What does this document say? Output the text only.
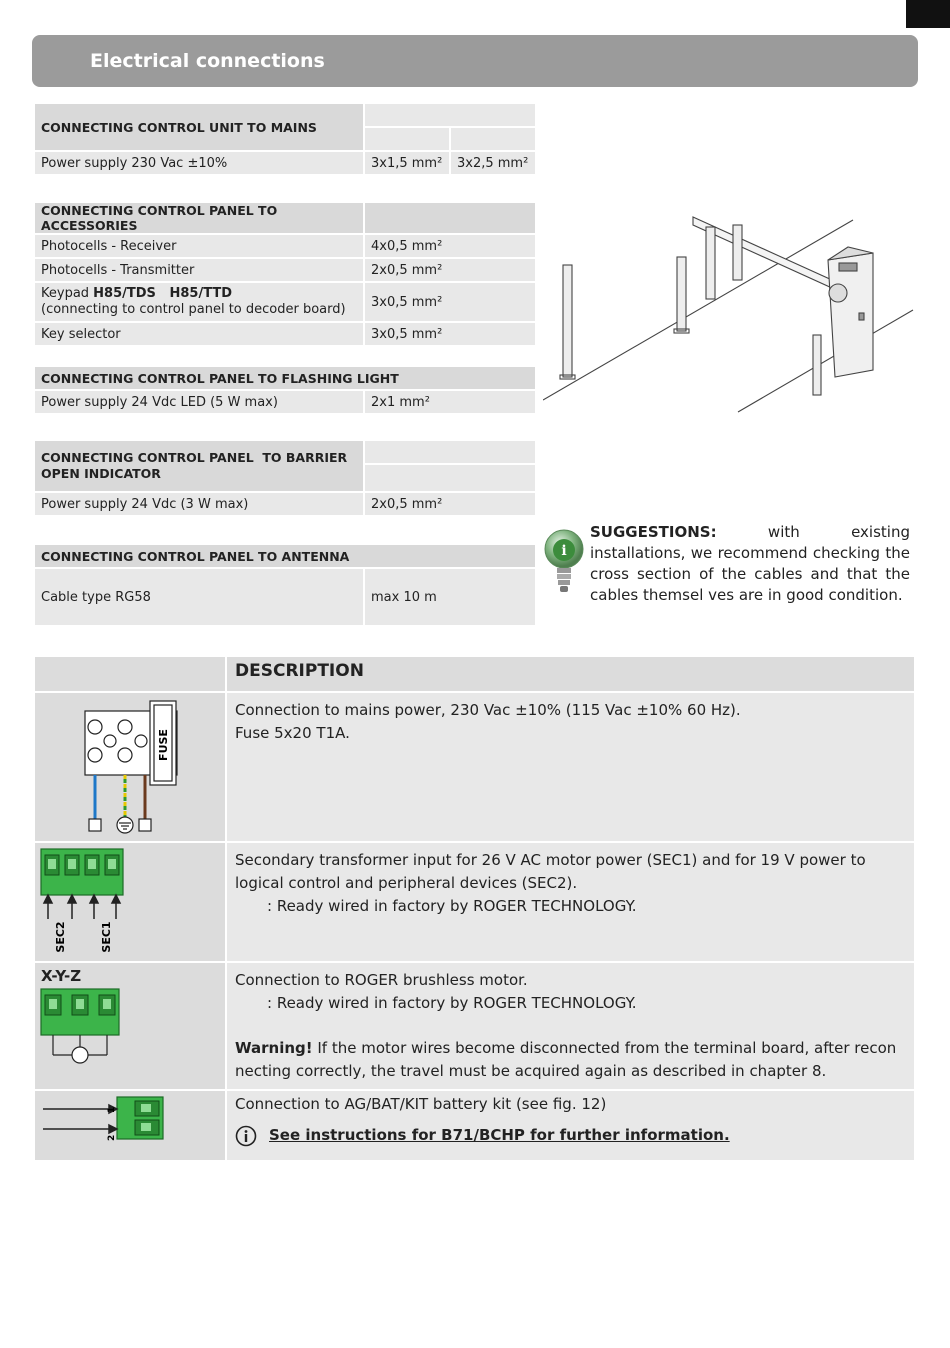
Electrical connections
CONNECTING CONTROL UNIT TO MAINS		

Power supply 230 Vac ±10%	3x1,5 mm²	3x2,5 mm²
CONNECTING CONTROL PANEL TO ACCESSORIES	
Photocells - Receiver	4x0,5 mm²
Photocells - Transmitter	2x0,5 mm²
Keypad H85/TDS   H85/TTD
(connecting to control panel to decoder board)	3x0,5 mm²
Key selector	3x0,5 mm²
CONNECTING CONTROL PANEL TO FLASHING LIGHT
Power supply 24 Vdc LED (5 W max)	2x1 mm²
CONNECTING CONTROL PANEL  TO BARRIER
OPEN INDICATOR	

Power supply 24 Vdc (3 W max)	2x0,5 mm²
CONNECTING CONTROL PANEL TO ANTENNA
Cable type RG58	max 10 m
i
SUGGESTIONS: with existing installations, we recommend checking the cross section of the cables and that the cables themsel ves are in good condition.
	DESCRIPTION

FUSE	Connection to mains power, 230 Vac ±10% (115 Vac ±10% 60 Hz).
Fuse 5x20 T1A.

SEC2 SEC1	Secondary transformer input for 26 V AC motor power (SEC1) and for 19 V power to logical control and peripheral devices (SEC2).
: Ready wired in factory by ROGER TECHNOLOGY.

X-Y-Z	Connection to ROGER brushless motor.
: Ready wired in factory by ROGER TECHNOLOGY.
Warning! If the motor wires become disconnected from the terminal board, after recon necting correctly, the travel must be acquired again as described in chapter 8.

1
2	Connection to AG/BAT/KIT battery kit (see fig. 12)

See instructions for B71/BCHP for further information.
